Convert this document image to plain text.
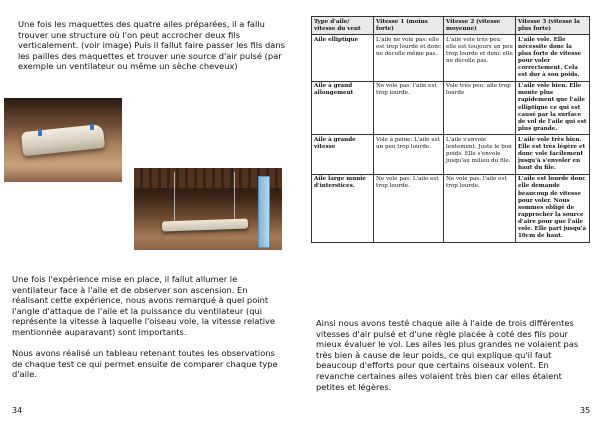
Une fois les maquettes des quatre ailes préparées, il a fallu trouver une structure où l'on peut accrocher deux fils verticalement. (voir image) Puis il fallut faire passer les fils dans les pailles des maquettes et trouver une source d'air pulsé (par exemple un ventilateur ou même un sèche cheveux)

Une fois l'expérience mise en place, il fallut allumer le ventilateur face à l'aile et de observer son ascension. En réalisant cette expérience, nous avons remarqué à quel point l'angle d'attaque de l'aile et la puissance du ventilateur (qui représente la vitesse à laquelle l'oiseau vole, la vitesse relative mentionnée auparavant) sont importants.

Nous avons réalisé un tableau retenant toutes les observations de chaque test ce qui permet ensuite de comparer chaque type d'aile.

34	35

Ainsi nous avons testé chaque aile à l'aide de trois différentes vitesses d'air pulsé et d'une règle placée à coté des fils pour mieux évaluer le vol. Les ailes les plus grandes ne volaient pas très bien à cause de leur poids, ce qui explique qu'il faut beaucoup d'efforts pour que certains oiseaux volent. En revanche certaines ailes volaient très bien car elles étaient petites et légères.

Type d'aile/ vitesse du vent	Vitesse 1 (moins forte)	Vitesse 2 (vitesse moyenne)	Vitesse 3 (vitesse la plus forte)
Aile elliptique	L'aile ne vole pas: elle est trop lourde et donc ne décolle même pas.	L'aile vole très peu: elle est toujours un peu trop lourde et donc elle ne décolle pas.	L'aile vole. Elle nécessite donc la plus forte de vitesse pour voler correctement. Cela est dur à son poids.
Aile à grand allongement	Ne vole pas: l'aile est trop lourde.	Vole très peu: aile trop lourde	L'aile vole bien. Elle monte plus rapidement que l'aile elliptique ce qui est causé par la surface de vol de l'aile qui est plus grande.
Aile à grande vitesse	Vole à peine: L'aile est un peu trop lourde.	L'aile s'envole lentement. Juste le bon poids. Elle s'envole jusqu'au milieu du file.	L'aile vole très bien. Elle est très légère et donc vole facilement jusqu'à s'envoler en haut du file.
Aile large munie d'interstices.	Ne vole pas: L'aile est trop lourde.	Ne vole pas: l'aile est trop lourde.	L'aile est lourde donc elle demande beaucoup de vitesse pour voler. Nous sommes obligé de rapprocher la source d'aire pour que l'aile vole. Elle part jusqu'à 10cm de haut.
